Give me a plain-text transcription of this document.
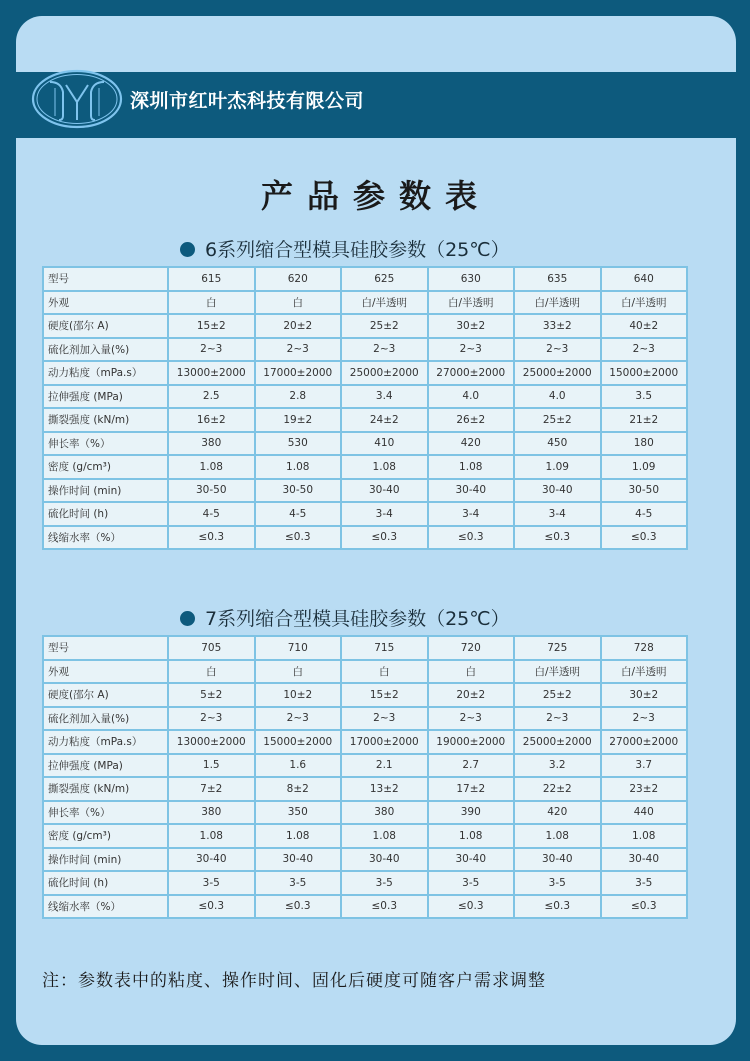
深圳市红叶杰科技有限公司
产品参数表
6系列缩合型模具硅胶参数（25℃）
型号	615	620	625	630	635	640
外观	白	白	白/半透明	白/半透明	白/半透明	白/半透明
硬度(邵尔 A)	15±2	20±2	25±2	30±2	33±2	40±2
硫化剂加入量(%)	2~3	2~3	2~3	2~3	2~3	2~3
动力粘度（mPa.s）	13000±2000	17000±2000	25000±2000	27000±2000	25000±2000	15000±2000
拉伸强度 (MPa)	2.5	2.8	3.4	4.0	4.0	3.5
撕裂强度 (kN/m)	16±2	19±2	24±2	26±2	25±2	21±2
伸长率（%）	380	530	410	420	450	180
密度 (g/cm³)	1.08	1.08	1.08	1.08	1.09	1.09
操作时间 (min)	30-50	30-50	30-40	30-40	30-40	30-50
硫化时间 (h)	4-5	4-5	3-4	3-4	3-4	4-5
线缩水率（%）	≤0.3	≤0.3	≤0.3	≤0.3	≤0.3	≤0.3
7系列缩合型模具硅胶参数（25℃）
型号	705	710	715	720	725	728
外观	白	白	白	白	白/半透明	白/半透明
硬度(邵尔 A)	5±2	10±2	15±2	20±2	25±2	30±2
硫化剂加入量(%)	2~3	2~3	2~3	2~3	2~3	2~3
动力粘度（mPa.s）	13000±2000	15000±2000	17000±2000	19000±2000	25000±2000	27000±2000
拉伸强度 (MPa)	1.5	1.6	2.1	2.7	3.2	3.7
撕裂强度 (kN/m)	7±2	8±2	13±2	17±2	22±2	23±2
伸长率（%）	380	350	380	390	420	440
密度 (g/cm³)	1.08	1.08	1.08	1.08	1.08	1.08
操作时间 (min)	30-40	30-40	30-40	30-40	30-40	30-40
硫化时间 (h)	3-5	3-5	3-5	3-5	3-5	3-5
线缩水率（%）	≤0.3	≤0.3	≤0.3	≤0.3	≤0.3	≤0.3
注：参数表中的粘度、操作时间、固化后硬度可随客户需求调整
